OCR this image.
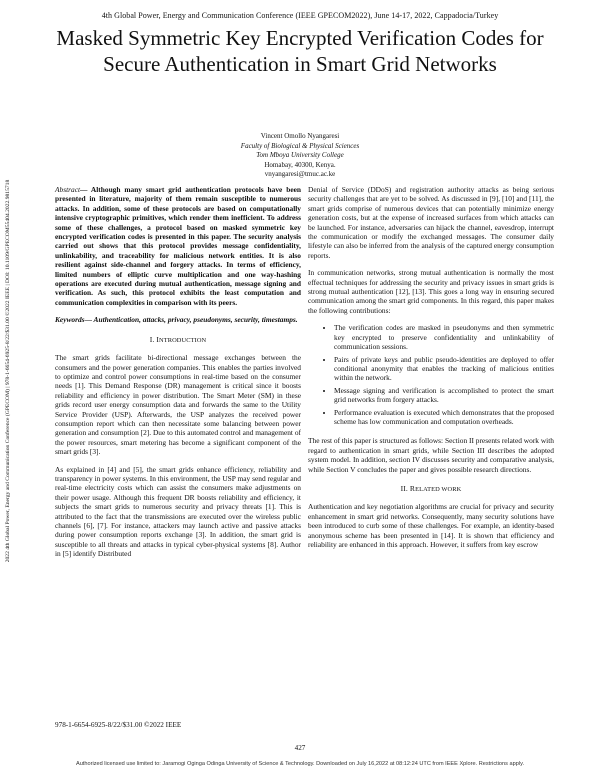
4th Global Power, Energy and Communication Conference (IEEE GPECOM2022), June 14-17, 2022, Cappadocia/Turkey
Masked Symmetric Key Encrypted Verification Codes for Secure Authentication in Smart Grid Networks
Vincent Omollo Nyangaresi
Faculty of Biological & Physical Sciences
Tom Mboya University College
Homabay, 40300, Kenya.
vnyangaresi@tmuc.ac.ke
2022 4th Global Power, Energy and Communication Conference (GPECOM) | 978-1-6654-6925-8/22/$31.00 ©2022 IEEE | DOI: 10.1109/GPECOM55404.2022.9815718	Abstract— Although many smart grid authentication protocols have been presented in literature, majority of them remain susceptible to numerous attacks. In addition, some of these protocols are based on computationally intensive cryptographic primitives, which render them inefficient. To address some of these challenges, a protocol based on masked symmetric key encrypted verification codes is presented in this paper. The security analysis carried out shows that this protocol provides message confidentiality, unlinkability, and traceability for malicious network entities. It is also resilient against side-channel and forgery attacks. In terms of efficiency, limited numbers of elliptic curve multiplication and one way-hashing operations are executed during mutual authentication, message signing and verification. As such, this protocol exhibits the least computation and communication complexities in comparison with its peers.

Keywords— Authentication, attacks, privacy, pseudonyms, security, timestamps.

I. INTRODUCTION

The smart grids facilitate bi-directional message exchanges between the consumers and the power generation companies. This enables the parties involved to optimize and control power consumptions in real-time based on the consumer needs [1]. This Demand Response (DR) management is critical since it boosts reliability and efficiency in power distribution. The Smart Meter (SM) in these grids record user energy consumption data and forwards the same to the Utility Service Provider (USP). Afterwards, the USP analyzes the received power consumption report which can then necessitate some balancing between power generation and consumption [2]. Due to this automated control and management of the power resources, smart metering has become a significant component of the smart grids [3].

As explained in [4] and [5], the smart grids enhance efficiency, reliability and transparency in power systems. In this environment, the USP may send regular and real-time electricity costs which can assist the consumers make adjustments on their power usage. Although this frequent DR boosts reliability and efficiency, it subjects the smart grids to numerous security and privacy threats [1]. This is attributed to the fact that the transmissions are executed over the wireless public channels [6], [7]. For instance, attackers may launch active and passive attacks during power consumption reports exchange [3]. In addition, the smart grid is susceptible to all threats and attacks in typical cyber-physical systems [8]. Author in [5] identify Distributed

Denial of Service (DDoS) and registration authority attacks as being serious security challenges that are yet to be solved. As discussed in [9], [10] and [11], the smart grids comprise of numerous devices that can potentially minimize energy generation costs, but at the expense of increased surfaces from which attacks can be launched. For instance, adversaries can hijack the channel, eavesdrop, interrupt the communication or modify the exchanged messages. The consumer daily lifestyle can also be inferred from the analysis of the captured energy consumption reports.

In communication networks, strong mutual authentication is normally the most effectual techniques for addressing the security and privacy issues in smart grids is strong mutual authentication [12], [13]. This goes a long way in ensuring secured communication among the smart grid components. In this regard, this paper makes the following contributions:

• The verification codes are masked in pseudonyms and then symmetric key encrypted to preserve confidentiality and unlinkability of communication sessions.
• Pairs of private keys and public pseudo-identities are deployed to offer conditional anonymity that enables the tracking of malicious entities within the network.
• Message signing and verification is accomplished to protect the smart grid networks from forgery attacks.
• Performance evaluation is executed which demonstrates that the proposed scheme has low communication and computation overheads.

The rest of this paper is structured as follows: Section II presents related work with regard to authentication in smart grids, while Section III describes the adopted system model. In addition, section IV discusses security and comparative analysis, while Section V concludes the paper and gives possible research directions.

II. RELATED WORK

Authentication and key negotiation algorithms are crucial for privacy and security enhancement in smart grid networks. Consequently, many security solutions have been introduced to curb some of these challenges. For example, an identity-based anonymous scheme has been presented in [14]. It is shown that efficiency and reliability are enhanced in this approach. However, it suffers from key escrow

978-1-6654-6925-8/22/$31.00 ©2022 IEEE
427
Authorized licensed use limited to: Jaramogi Oginga Odinga University of Science & Technology. Downloaded on July 16,2022 at 08:12:24 UTC from IEEE Xplore. Restrictions apply.
